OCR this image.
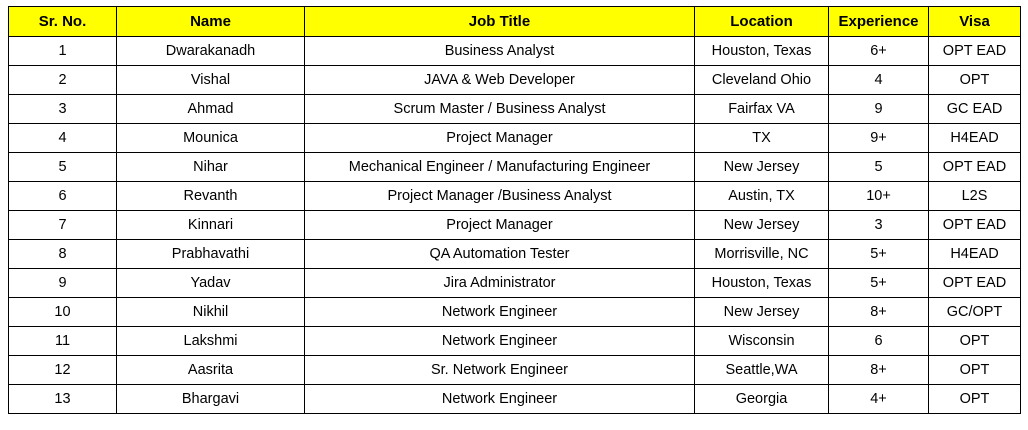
Sr. No.	Name	Job Title	Location	Experience	Visa
1	Dwarakanadh	Business Analyst	Houston, Texas	6+	OPT EAD
2	Vishal	JAVA & Web Developer	Cleveland Ohio	4	OPT
3	Ahmad	Scrum Master / Business Analyst	Fairfax VA	9	GC EAD
4	Mounica	Project Manager	TX	9+	H4EAD
5	Nihar	Mechanical Engineer / Manufacturing Engineer	New Jersey	5	OPT EAD
6	Revanth	Project Manager /Business Analyst	Austin, TX	10+	L2S
7	Kinnari	Project Manager	New Jersey	3	OPT EAD
8	Prabhavathi	QA Automation Tester	Morrisville, NC	5+	H4EAD
9	Yadav	Jira Administrator	Houston, Texas	5+	OPT EAD
10	Nikhil	Network Engineer	New Jersey	8+	GC/OPT
11	Lakshmi	Network Engineer	Wisconsin	6	OPT
12	Aasrita	Sr. Network Engineer	Seattle,WA	8+	OPT
13	Bhargavi	Network Engineer	Georgia	4+	OPT
